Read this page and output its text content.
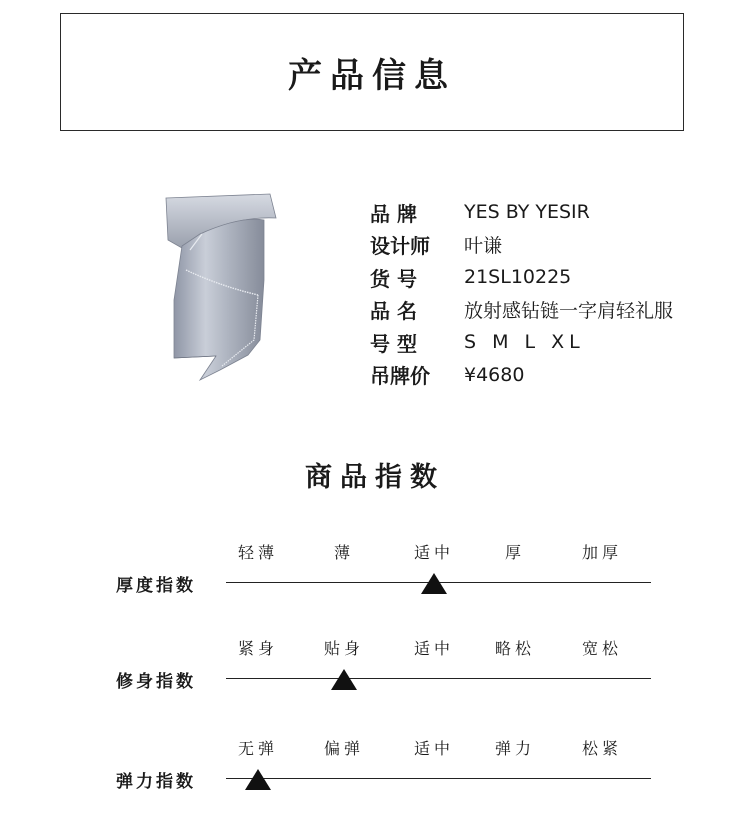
产品信息
品 牌	YES BY YESIR
设计师	叶谦
货 号	21SL10225
品 名	放射感钻链一字肩轻礼服
号 型	S M L XL
吊牌价	¥4680
商品指数
轻薄	薄	适中	厚	加厚
厚度指数
紧身	贴身	适中	略松	宽松
修身指数
无弹	偏弹	适中	弹力	松紧
弹力指数
